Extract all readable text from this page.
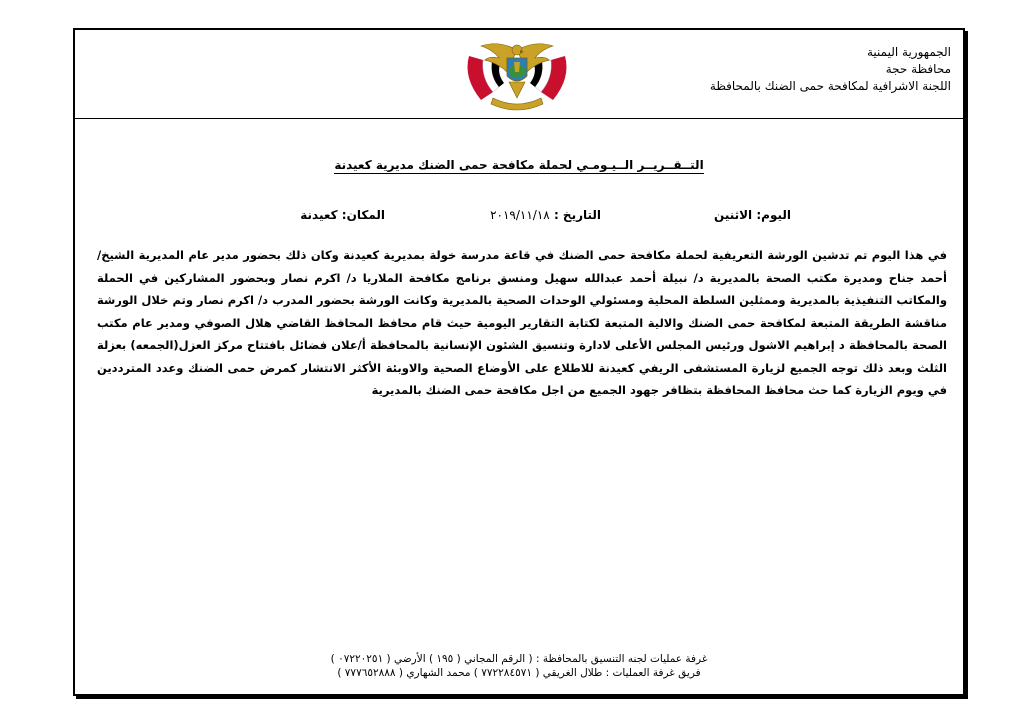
الجمهورية اليمنية
محافظة حجة
اللجنة الاشرافية لمكافحة حمى الضنك بالمحافظة
التــقــريــر الــيـومـي لحملة مكافحة حمى الضنك مديرية كعيدنة
اليوم: الاثنين
التاريخ : ٢٠١٩/١١/١٨
المكان: كعيدنة
في هذا اليوم تم تدشين الورشة التعريفية لحملة مكافحة حمى الضنك في قاعة مدرسة خولة بمديرية كعيدنة وكان ذلك بحضور مدير عام المديرية الشيخ/ أحمد جناح ومديرة مكتب الصحة بالمديرية د/ نبيلة أحمد عبدالله سهيل ومنسق برنامج مكافحة الملاريا د/ اكرم نصار وبحضور المشاركين في الحملة والمكاتب التنفيذية بالمديرية وممثلين السلطة المحلية ومسئولي الوحدات الصحية بالمديرية وكانت الورشة بحضور المدرب د/ اكرم نصار وتم خلال الورشة مناقشة الطريقة المتبعة لمكافحة حمى الضنك والالية المتبعة لكتابة التقارير اليومية حيث قام محافظ المحافظ القاضي هلال الصوفي ومدير عام مكتب الصحة بالمحافظة د إبراهيم الاشول ورئيس المجلس الأعلى لادارة وتنسيق الشئون الإنسانية بالمحافظة أ/علان فضائل بافتتاح مركز العزل(الجمعه) بعزلة الثلث وبعد ذلك توجه الجميع لزيارة المستشفى الريفي كعيدنة للاطلاع على الأوضاع الصحية والاوبئة الأكثر الانتشار كمرض حمى الضنك وعدد المترددين في ويوم الزيارة كما حث محافظ المحافظة بتظافر جهود الجميع من اجل مكافحة حمى الضنك بالمديرية
غرفة عمليات لجنه التنسيق بالمحافظة : ( الرقم المجاني ( ١٩٥ ) الأرضي ( ٠٧٢٢٠٢٥١ )
فريق غرفة العمليات : طلال الغريقي ( ٧٧٢٢٨٤٥٧١ ) محمد الشهاري ( ٧٧٧٦٥٢٨٨٨ )
